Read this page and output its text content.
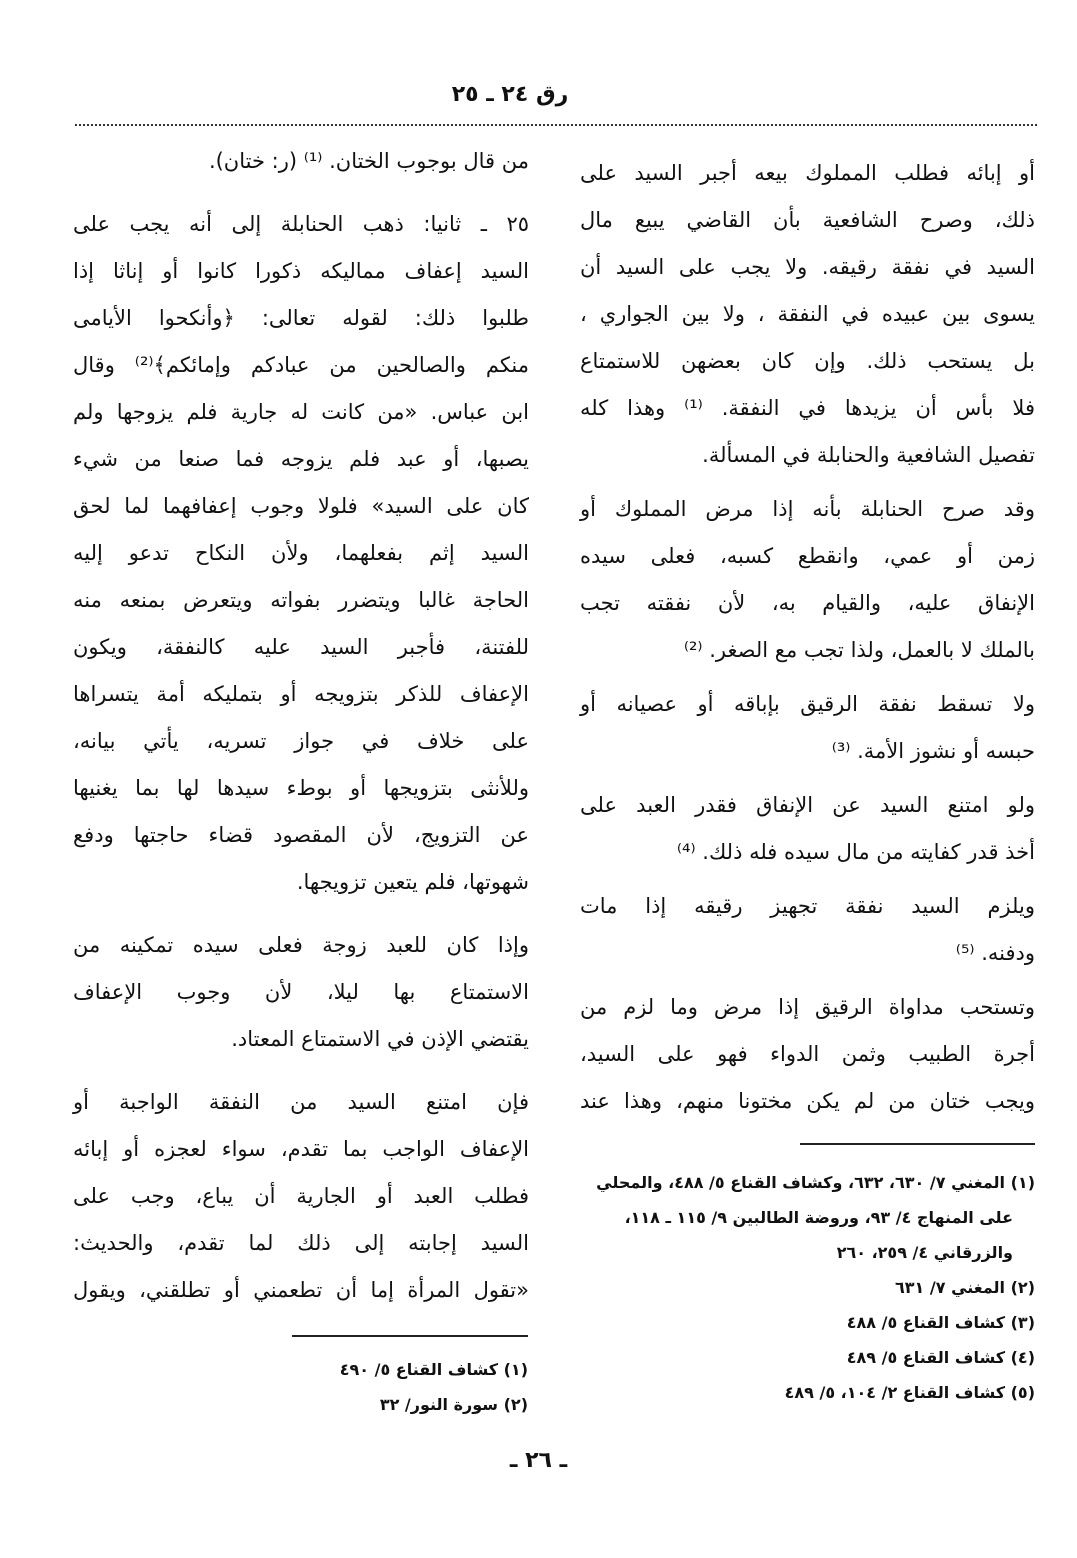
رق ٢٤ ـ ٢٥
أو إبائه فطلب المملوك بيعه أجبر السيد على
ذلك، وصرح الشافعية بأن القاضي يبيع مال
السيد في نفقة رقيقه. ولا يجب على السيد أن
يسوى بين عبيده في النفقة ، ولا بين الجواري ،
بل يستحب ذلك. وإن كان بعضهن للاستمتاع
فلا بأس أن يزيدها في النفقة. ⁽¹⁾ وهذا كله
تفصيل الشافعية والحنابلة في المسألة.
وقد صرح الحنابلة بأنه إذا مرض المملوك أو
زمن أو عمي، وانقطع كسبه، فعلى سيده
الإنفاق عليه، والقيام به، لأن نفقته تجب
بالملك لا بالعمل، ولذا تجب مع الصغر. ⁽²⁾
ولا تسقط نفقة الرقيق بإباقه أو عصيانه أو
حبسه أو نشوز الأمة. ⁽³⁾
ولو امتنع السيد عن الإنفاق فقدر العبد على
أخذ قدر كفايته من مال سيده فله ذلك. ⁽⁴⁾
ويلزم السيد نفقة تجهيز رقيقه إذا مات
ودفنه. ⁽⁵⁾
وتستحب مداواة الرقيق إذا مرض وما لزم من
أجرة الطبيب وثمن الدواء فهو على السيد،
ويجب ختان من لم يكن مختونا منهم، وهذا عند
من قال بوجوب الختان. ⁽¹⁾ (ر: ختان).
٢٥ ـ ثانيا: ذهب الحنابلة إلى أنه يجب على
السيد إعفاف مماليكه ذكورا كانوا أو إناثا إذا
طلبوا ذلك: لقوله تعالى: ﴿وأنكحوا الأيامى
منكم والصالحين من عبادكم وإمائكم﴾⁽²⁾ وقال
ابن عباس. «من كانت له جارية فلم يزوجها ولم
يصبها، أو عبد فلم يزوجه فما صنعا من شيء
كان على السيد» فلولا وجوب إعفافهما لما لحق
السيد إثم بفعلهما، ولأن النكاح تدعو إليه
الحاجة غالبا ويتضرر بفواته ويتعرض بمنعه منه
للفتنة، فأجبر السيد عليه كالنفقة، ويكون
الإعفاف للذكر بتزويجه أو بتمليكه أمة يتسراها
على خلاف في جواز تسريه، يأتي بيانه،
وللأنثى بتزويجها أو بوطء سيدها لها بما يغنيها
عن التزويج، لأن المقصود قضاء حاجتها ودفع
شهوتها، فلم يتعين تزويجها.
وإذا كان للعبد زوجة فعلى سيده تمكينه من
الاستمتاع بها ليلا، لأن وجوب الإعفاف
يقتضي الإذن في الاستمتاع المعتاد.
فإن امتنع السيد من النفقة الواجبة أو
الإعفاف الواجب بما تقدم، سواء لعجزه أو إبائه
فطلب العبد أو الجارية أن يباع، وجب على
السيد إجابته إلى ذلك لما تقدم، والحديث:
«تقول المرأة إما أن تطعمني أو تطلقني، ويقول
(١) المغني ٧/ ٦٣٠، ٦٣٢، وكشاف القناع ٥/ ٤٨٨، والمحلي
على المنهاج ٤/ ٩٣، وروضة الطالبين ٩/ ١١٥ ـ ١١٨،
والزرقاني ٤/ ٢٥٩، ٢٦٠
(٢) المغني ٧/ ٦٣١
(٣) كشاف القناع ٥/ ٤٨٨
(٤) كشاف القناع ٥/ ٤٨٩
(٥) كشاف القناع ٢/ ١٠٤، ٥/ ٤٨٩
(١) كشاف القناع ٥/ ٤٩٠
(٢) سورة النور/ ٣٢
ـ ٢٦ ـ
